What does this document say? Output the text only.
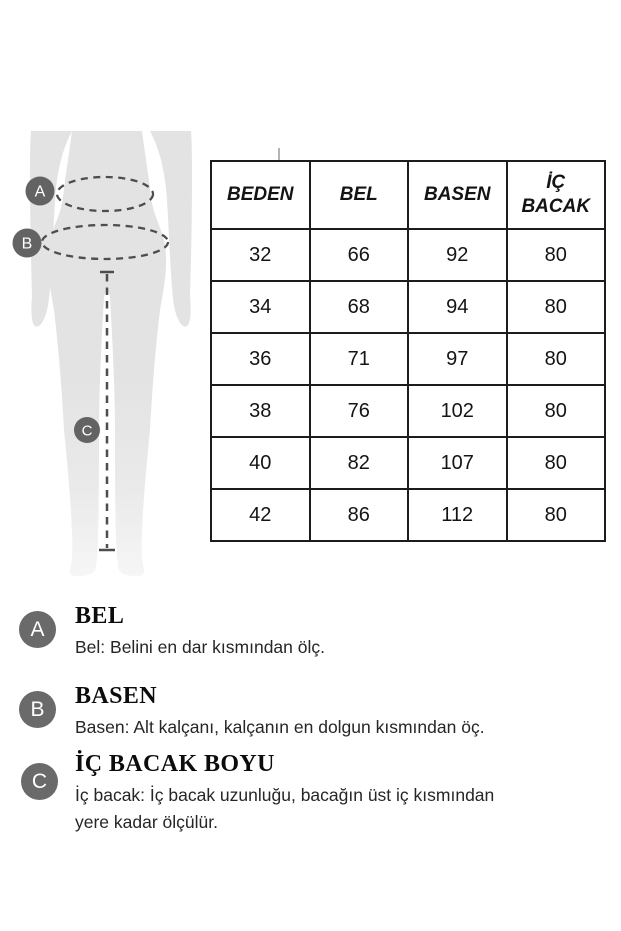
A
B
C
BEDEN	BEL	BASEN	İÇ BACAK
32	66	92	80
34	68	94	80
36	71	97	80
38	76	102	80
40	82	107	80
42	86	112	80
A BEL
Bel: Belini en dar kısmından ölç.
B BASEN
Basen: Alt kalçanı, kalçanın en dolgun kısmından öç.
C
İÇ BACAK BOYU
İç bacak: İç bacak uzunluğu, bacağın üst iç kısmından yere kadar ölçülür.
